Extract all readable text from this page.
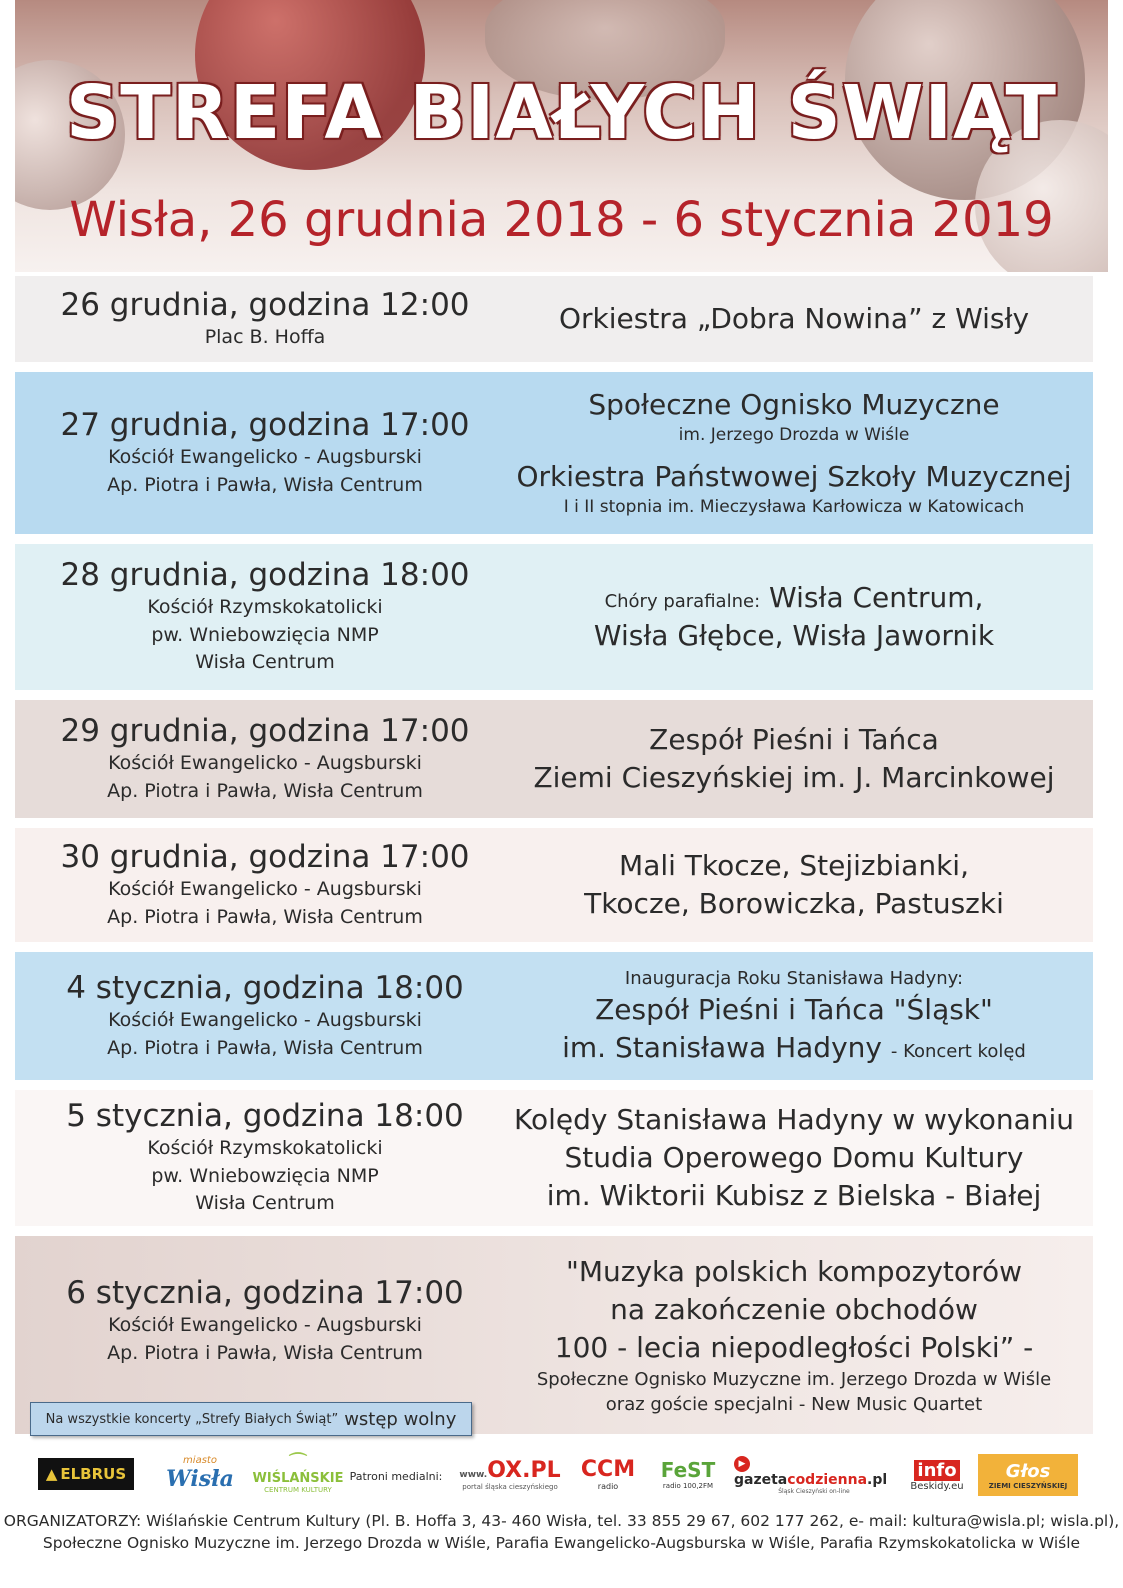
STREFA BIAŁYCH ŚWIĄT
Wisła, 26 grudnia 2018 - 6 stycznia 2019
26 grudnia, godzina 12:00
Plac B. Hoffa
Orkiestra „Dobra Nowina” z Wisły
27 grudnia, godzina 17:00
Kościół Ewangelicko - Augsburski
Ap. Piotra i Pawła, Wisła Centrum
Społeczne Ognisko Muzyczne
im. Jerzego Drozda w Wiśle
Orkiestra Państwowej Szkoły Muzycznej
I i II stopnia im. Mieczysława Karłowicza w Katowicach
28 grudnia, godzina 18:00
Kościół Rzymskokatolicki
pw. Wniebowzięcia NMP
Wisła Centrum
Chóry parafialne: Wisła Centrum,
Wisła Głębce, Wisła Jawornik
29 grudnia, godzina 17:00
Kościół Ewangelicko - Augsburski
Ap. Piotra i Pawła, Wisła Centrum
Zespół Pieśni i Tańca
Ziemi Cieszyńskiej im. J. Marcinkowej
30 grudnia, godzina 17:00
Kościół Ewangelicko - Augsburski
Ap. Piotra i Pawła, Wisła Centrum
Mali Tkocze, Stejizbianki,
Tkocze, Borowiczka, Pastuszki
4 stycznia, godzina 18:00
Kościół Ewangelicko - Augsburski
Ap. Piotra i Pawła, Wisła Centrum
Inauguracja Roku Stanisława Hadyny:
Zespół Pieśni i Tańca "Śląsk"
im. Stanisława Hadyny - Koncert kolęd
5 stycznia, godzina 18:00
Kościół Rzymskokatolicki
pw. Wniebowzięcia NMP
Wisła Centrum
Kolędy Stanisława Hadyny w wykonaniu
Studia Operowego Domu Kultury
im. Wiktorii Kubisz z Bielska - Białej
6 stycznia, godzina 17:00
Kościół Ewangelicko - Augsburski
Ap. Piotra i Pawła, Wisła Centrum
"Muzyka polskich kompozytorów
na zakończenie obchodów
100 - lecia niepodległości Polski” -
Społeczne Ognisko Muzyczne im. Jerzego Drozda w Wiśle
oraz goście specjalni - New Music Quartet
Na wszystkie koncerty „Strefy Białych Świąt” wstęp wolny
▲ ELBRUS
miasto
Wisła
⌒
WIŚLAŃSKIE
CENTRUM KULTURY
Patroni medialni: www.OX.PL
portal śląska cieszyńskiego
CCM
radio
FeST
radio 100,2FM
▶ gazetacodzienna.pl
Śląsk Cieszyński on-line
info
Beskidy.eu
Głos
ZIEMI CIESZYŃSKIEJ
ORGANIZATORZY: Wiślańskie Centrum Kultury (Pl. B. Hoffa 3, 43- 460 Wisła, tel. 33 855 29 67, 602 177 262, e- mail: kultura@wisla.pl; wisla.pl),
Społeczne Ognisko Muzyczne im. Jerzego Drozda w Wiśle, Parafia Ewangelicko-Augsburska w Wiśle, Parafia Rzymskokatolicka w Wiśle
